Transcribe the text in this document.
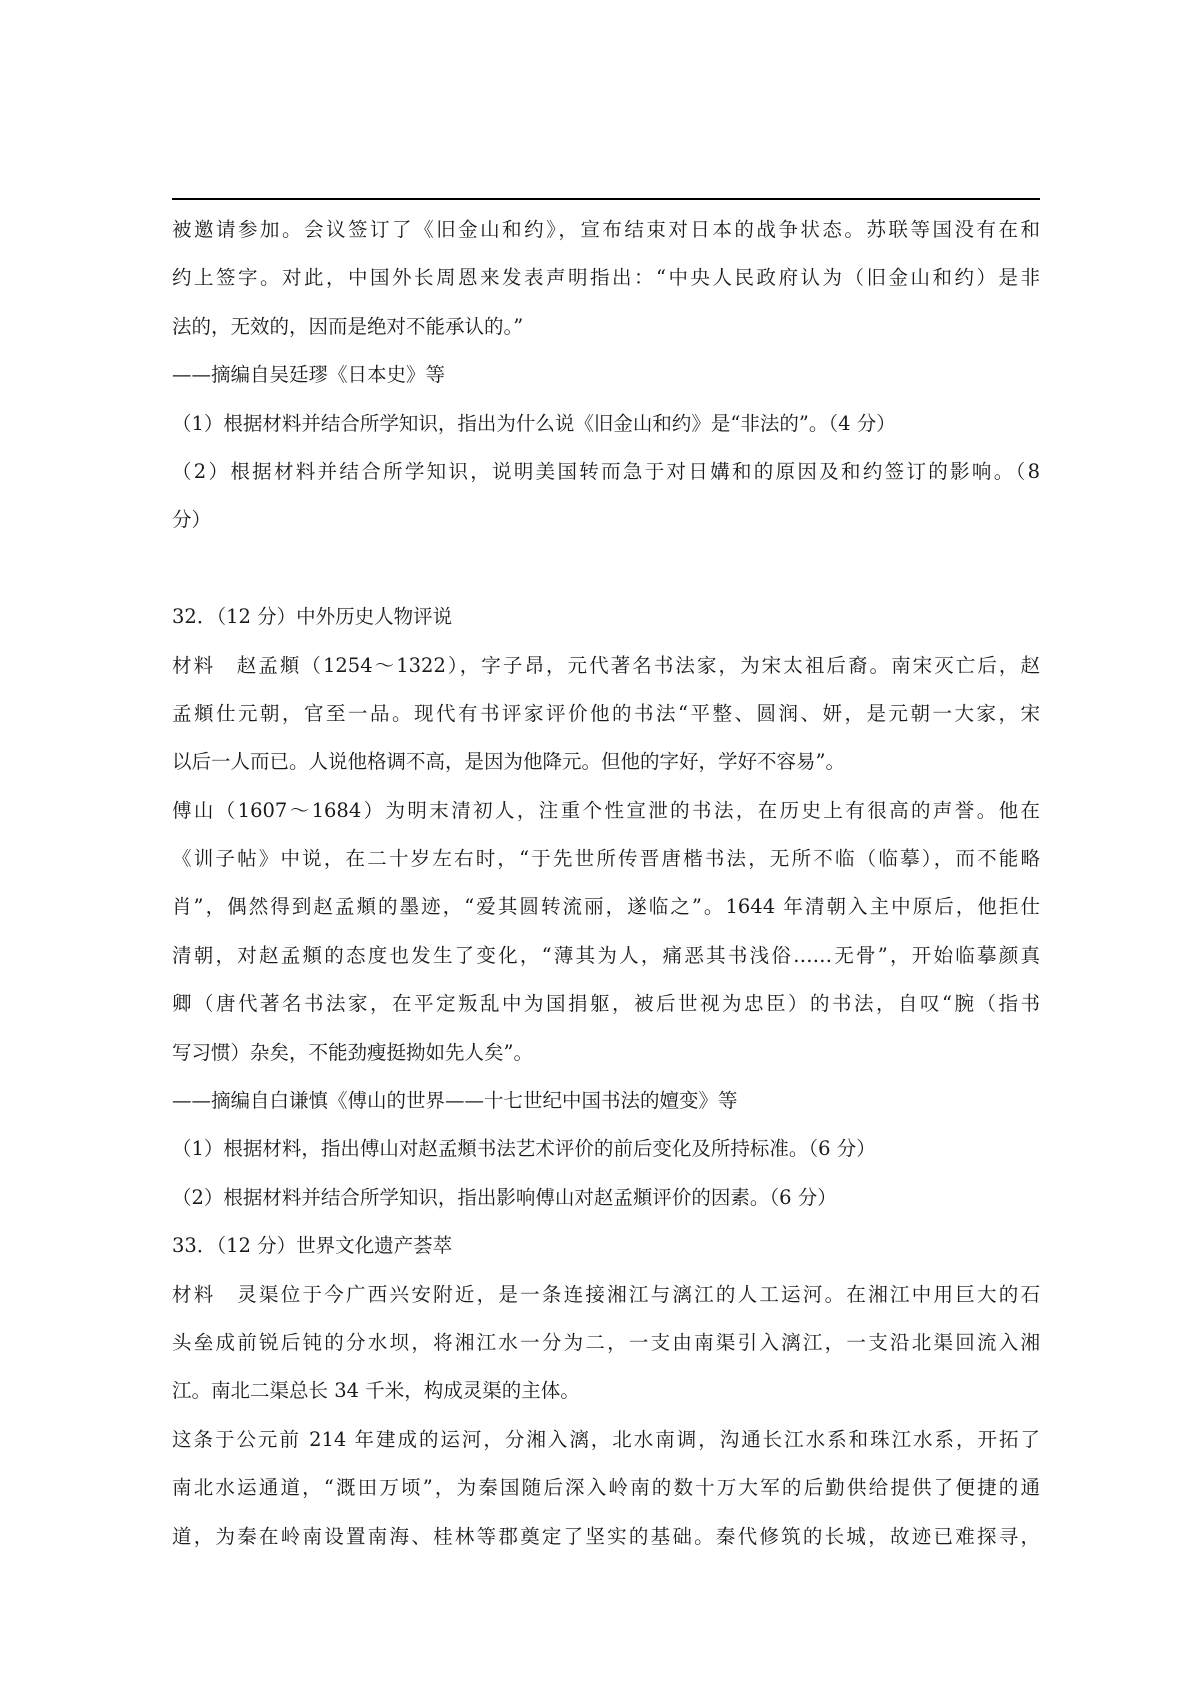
被邀请参加。会议签订了《旧金山和约》，宣布结束对日本的战争状态。苏联等国没有在和
约上签字。对此，中国外长周恩来发表声明指出：“中央人民政府认为（旧金山和约）是非
法的，无效的，因而是绝对不能承认的。”
——摘编自吴廷璆《日本史》等
（1）根据材料并结合所学知识，指出为什么说《旧金山和约》是“非法的”。（4 分）
（2）根据材料并结合所学知识，说明美国转而急于对日媾和的原因及和约签订的影响。（8
分）
32．（12 分）中外历史人物评说
材料　赵孟頫（1254～1322），字子昂，元代著名书法家，为宋太祖后裔。南宋灭亡后，赵
孟頫仕元朝，官至一品。现代有书评家评价他的书法“平整、圆润、妍，是元朝一大家，宋
以后一人而已。人说他格调不高，是因为他降元。但他的字好，学好不容易”。
傅山（1607～1684）为明末清初人，注重个性宣泄的书法，在历史上有很高的声誉。他在
《训子帖》中说，在二十岁左右时，“于先世所传晋唐楷书法，无所不临（临摹），而不能略
肖”，偶然得到赵孟頫的墨迹，“爱其圆转流丽，遂临之”。1644 年清朝入主中原后，他拒仕
清朝，对赵孟頫的态度也发生了变化，“薄其为人，痛恶其书浅俗……无骨”，开始临摹颜真
卿（唐代著名书法家，在平定叛乱中为国捐躯，被后世视为忠臣）的书法，自叹“腕（指书
写习惯）杂矣，不能劲瘦挺拗如先人矣”。
——摘编自白谦慎《傅山的世界——十七世纪中国书法的嬗变》等
（1）根据材料，指出傅山对赵孟頫书法艺术评价的前后变化及所持标准。（6 分）
（2）根据材料并结合所学知识，指出影响傅山对赵孟頫评价的因素。（6 分）
33．（12 分）世界文化遗产荟萃
材料　灵渠位于今广西兴安附近，是一条连接湘江与漓江的人工运河。在湘江中用巨大的石
头垒成前锐后钝的分水坝，将湘江水一分为二，一支由南渠引入漓江，一支沿北渠回流入湘
江。南北二渠总长 34 千米，构成灵渠的主体。
这条于公元前 214 年建成的运河，分湘入漓，北水南调，沟通长江水系和珠江水系，开拓了
南北水运通道，“溉田万顷”，为秦国随后深入岭南的数十万大军的后勤供给提供了便捷的通
道，为秦在岭南设置南海、桂林等郡奠定了坚实的基础。秦代修筑的长城，故迹已难探寻，
